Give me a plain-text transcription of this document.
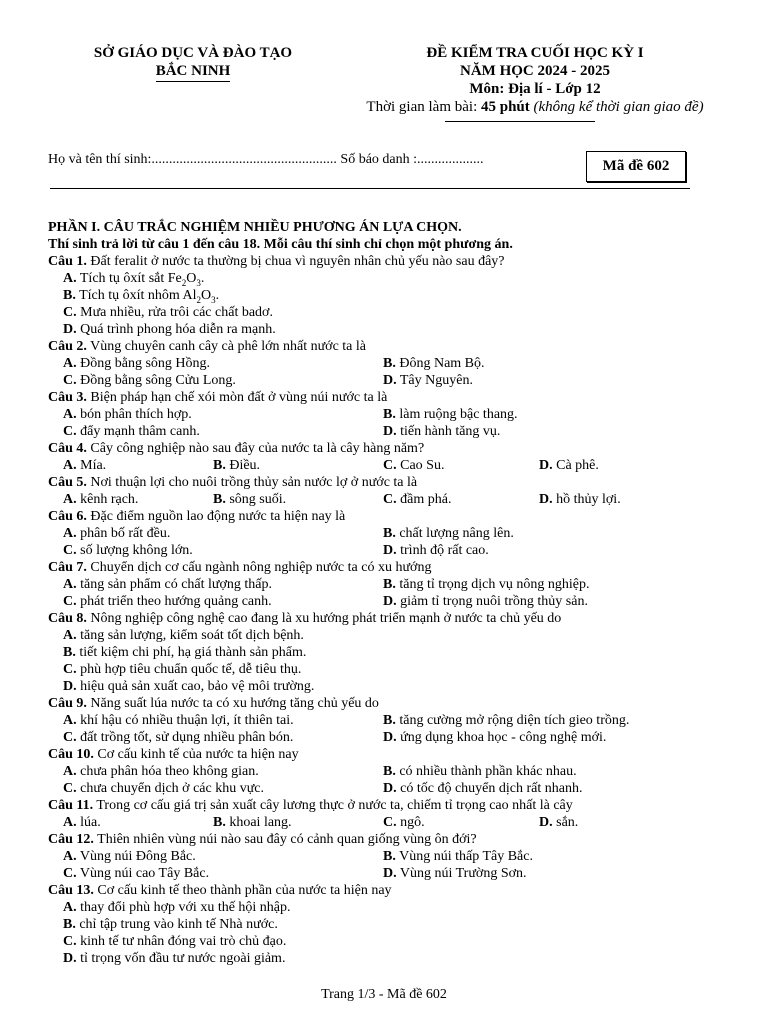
SỞ GIÁO DỤC VÀ ĐÀO TẠO
BẮC NINH
ĐỀ KIỂM TRA CUỐI HỌC KỲ I
NĂM HỌC 2024 - 2025
Môn: Địa lí - Lớp 12
Thời gian làm bài: 45 phút (không kể thời gian giao đề)
Họ và tên thí sinh:..................................................... Số báo danh :...................	Mã đề 602
PHẦN I. CÂU TRẮC NGHIỆM NHIỀU PHƯƠNG ÁN LỰA CHỌN.
Thí sinh trả lời từ câu 1 đến câu 18. Mỗi câu thí sinh chỉ chọn một phương án.
Câu 1. Đất feralit ở nước ta thường bị chua vì nguyên nhân chủ yếu nào sau đây?
A. Tích tụ ôxít sắt $Fe_2O_3$.
B. Tích tụ ôxít nhôm $Al_2O_3$.
C. Mưa nhiều, rửa trôi các chất badơ.
D. Quá trình phong hóa diễn ra mạnh.
Câu 2. Vùng chuyên canh cây cà phê lớn nhất nước ta là
A. Đồng bằng sông Hồng.	B. Đông Nam Bộ.
C. Đồng bằng sông Cửu Long.	D. Tây Nguyên.
Câu 3. Biện pháp hạn chế xói mòn đất ở vùng núi nước ta là
A. bón phân thích hợp.	B. làm ruộng bậc thang.
C. đẩy mạnh thâm canh.	D. tiến hành tăng vụ.
Câu 4. Cây công nghiệp nào sau đây của nước ta là cây hàng năm?
A. Mía.	B. Điều.	C. Cao Su.	D. Cà phê.
Câu 5. Nơi thuận lợi cho nuôi trồng thủy sản nước lợ ở nước ta là
A. kênh rạch.	B. sông suối.	C. đầm phá.	D. hồ thủy lợi.
Câu 6. Đặc điểm nguồn lao động nước ta hiện nay là
A. phân bố rất đều.	B. chất lượng nâng lên.
C. số lượng không lớn.	D. trình độ rất cao.
Câu 7. Chuyển dịch cơ cấu ngành nông nghiệp nước ta có xu hướng
A. tăng sản phẩm có chất lượng thấp.	B. tăng tỉ trọng dịch vụ nông nghiệp.
C. phát triển theo hướng quảng canh.	D. giảm tỉ trọng nuôi trồng thủy sản.
Câu 8. Nông nghiệp công nghệ cao đang là xu hướng phát triển mạnh ở nước ta chủ yếu do
A. tăng sản lượng, kiểm soát tốt dịch bệnh.
B. tiết kiệm chi phí, hạ giá thành sản phẩm.
C. phù hợp tiêu chuẩn quốc tế, dễ tiêu thụ.
D. hiệu quả sản xuất cao, bảo vệ môi trường.
Câu 9. Năng suất lúa nước ta có xu hướng tăng chủ yếu do
A. khí hậu có nhiều thuận lợi, ít thiên tai.	B. tăng cường mở rộng diện tích gieo trồng.
C. đất trồng tốt, sử dụng nhiều phân bón.	D. ứng dụng khoa học - công nghệ mới.
Câu 10. Cơ cấu kinh tế của nước ta hiện nay
A. chưa phân hóa theo không gian.	B. có nhiều thành phần khác nhau.
C. chưa chuyển dịch ở các khu vực.	D. có tốc độ chuyển dịch rất nhanh.
Câu 11. Trong cơ cấu giá trị sản xuất cây lương thực ở nước ta, chiếm tỉ trọng cao nhất là cây
A. lúa.	B. khoai lang.	C. ngô.	D. sắn.
Câu 12. Thiên nhiên vùng núi nào sau đây có cảnh quan giống vùng ôn đới?
A. Vùng núi Đông Bắc.	B. Vùng núi thấp Tây Bắc.
C. Vùng núi cao Tây Bắc.	D. Vùng núi Trường Sơn.
Câu 13. Cơ cấu kinh tế theo thành phần của nước ta hiện nay
A. thay đổi phù hợp với xu thế hội nhập.
B. chỉ tập trung vào kinh tế Nhà nước.
C. kinh tế tư nhân đóng vai trò chủ đạo.
D. tỉ trọng vốn đầu tư nước ngoài giảm.
Trang 1/3 - Mã đề 602
